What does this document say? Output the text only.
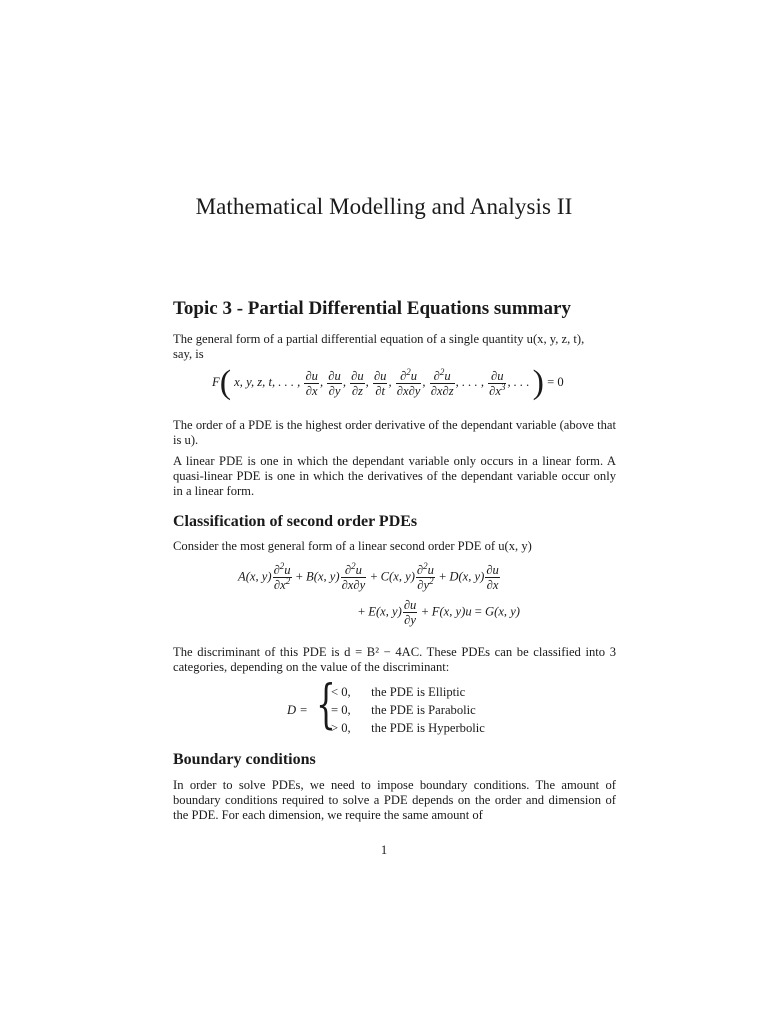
Mathematical Modelling and Analysis II
Topic 3 - Partial Differential Equations summary
The general form of a partial differential equation of a single quantity u(x, y, z, t),
say, is
F( x, y, z, t, . . . , $\frac{\partial u}{\partial x}$ , $\frac{\partial u}{\partial y}$ , $\frac{\partial u}{\partial z}$ , $\frac{\partial u}{\partial t}$ , $\frac{\partial^2u}{\partial x\partial y}$ , $\frac{\partial^2u}{\partial x\partial z}$ , . . . , $\frac{\partial u}{\partial x^3}$ , . . . ) = 0
The order of a PDE is the highest order derivative of the dependant variable (above that is u).
A linear PDE is one in which the dependant variable only occurs in a linear form. A quasi-linear PDE is one in which the derivatives of the dependant variable occur only in a linear form.
Classification of second order PDEs
Consider the most general form of a linear second order PDE of u(x, y)
A(x, $y) \frac{\partial^2u}{\partial x^2} + B(x$, $y) \frac{\partial^2u}{\partial x\partial y} + C(x$, $y) \frac{\partial^2u}{\partial y^2} + D(x$, $y) \frac{\partial u}{\partial x}$
+ E(x, $y) \frac{\partial u}{\partial y} + F(x$, y)u = G(x, y)
The discriminant of this PDE is d = B² − 4AC. These PDEs can be classified into 3 categories, depending on the value of the discriminant:
D = {
< 0, the PDE is Elliptic
= 0, the PDE is Parabolic
> 0, the PDE is Hyperbolic
Boundary conditions
In order to solve PDEs, we need to impose boundary conditions. The amount of boundary conditions required to solve a PDE depends on the order and dimension of the PDE. For each dimension, we require the same amount of
1
